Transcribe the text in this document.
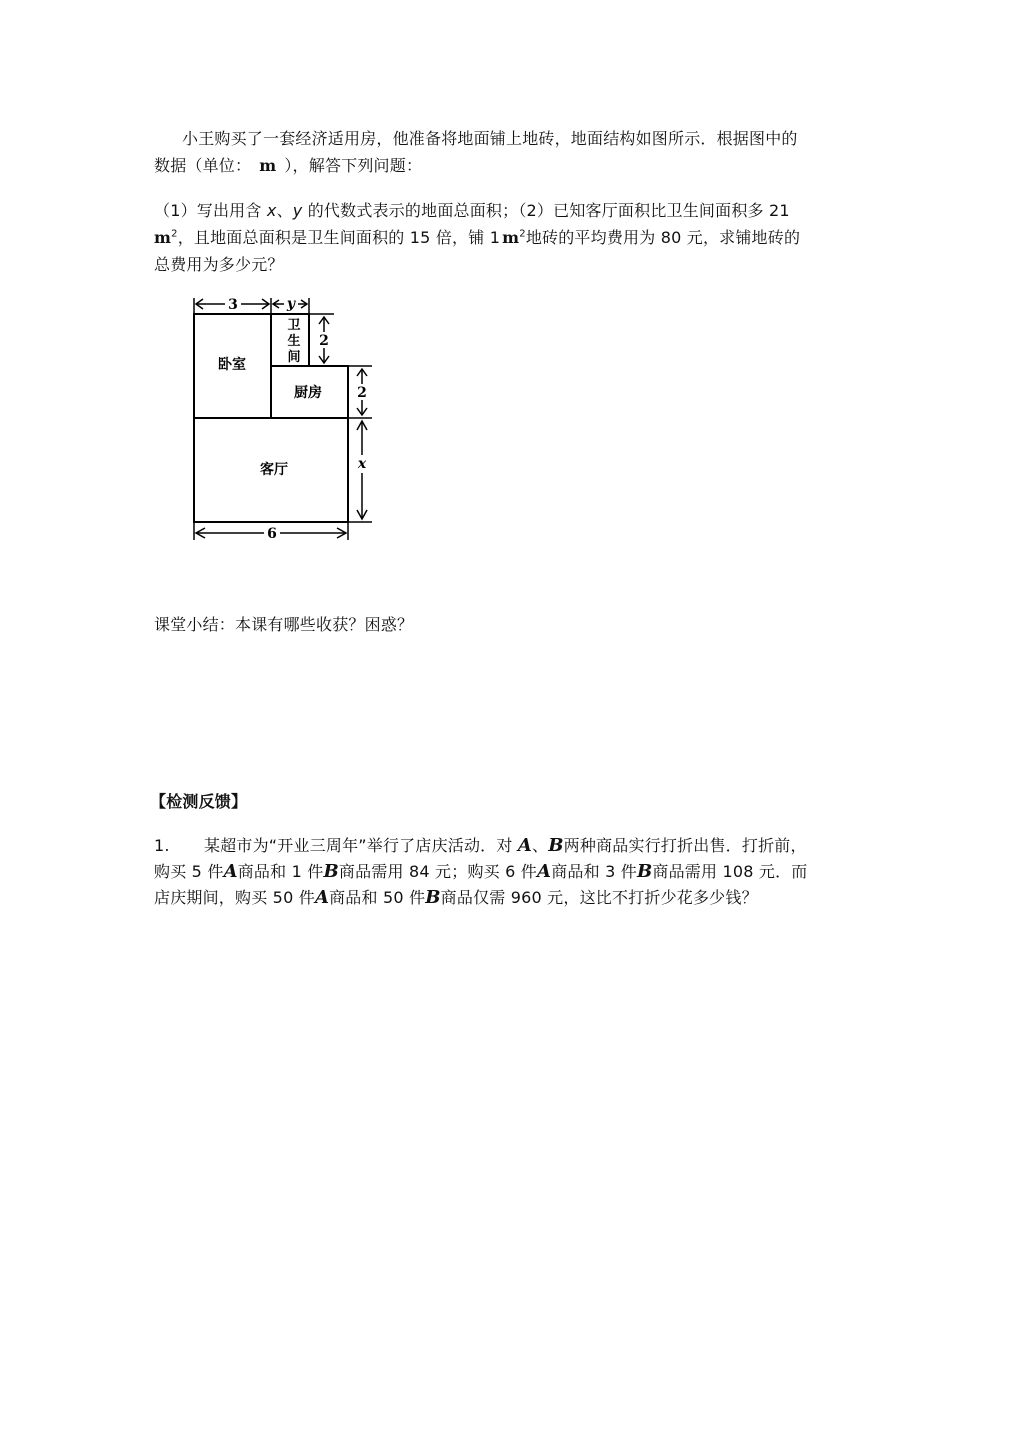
小王购买了一套经济适用房，他准备将地面铺上地砖，地面结构如图所示．根据图中的
数据（单位： m ），解答下列问题：
（1）写出用含 x、y 的代数式表示的地面总面积；（2）已知客厅面积比卫生间面积多 21
$m^2$，且地面总面积是卫生间面积的 15 倍，铺 1 $m^2$地砖的平均费用为 80 元，求铺地砖的
总费用为多少元？
3	y
2
2
x
6
卧室
卫
生
间
厨房
客厅
课堂小结：本课有哪些收获？困惑？
【检测反馈】
1. 某超市为“开业三周年”举行了店庆活动．对 A、B两种商品实行打折出售．打折前，
购买 5 件A商品和 1 件B商品需用 84 元；购买 6 件A商品和 3 件B商品需用 108 元．而
店庆期间，购买 50 件A商品和 50 件B商品仅需 960 元，这比不打折少花多少钱？
